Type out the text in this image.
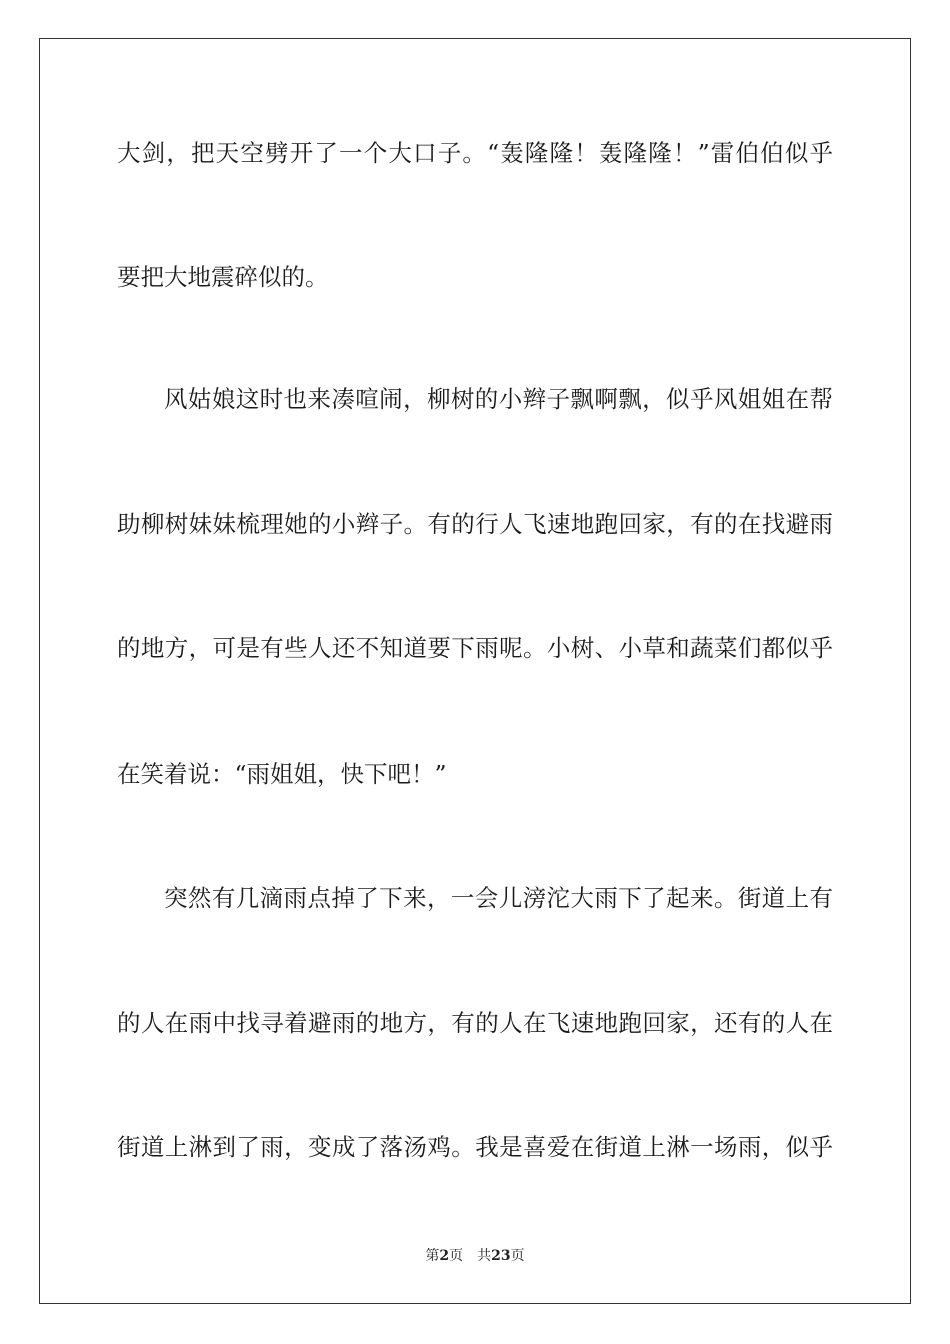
大剑，把天空劈开了一个大口子。“轰隆隆！轰隆隆！”雷伯伯似乎
要把大地震碎似的。
风姑娘这时也来凑喧闹，柳树的小辫子飘啊飘，似乎风姐姐在帮
助柳树妹妹梳理她的小辫子。有的行人飞速地跑回家，有的在找避雨
的地方，可是有些人还不知道要下雨呢。小树、小草和蔬菜们都似乎
在笑着说：“雨姐姐，快下吧！”
突然有几滴雨点掉了下来，一会儿滂沱大雨下了起来。街道上有
的人在雨中找寻着避雨的地方，有的人在飞速地跑回家，还有的人在
街道上淋到了雨，变成了落汤鸡。我是喜爱在街道上淋一场雨，似乎
第2页 共23页
